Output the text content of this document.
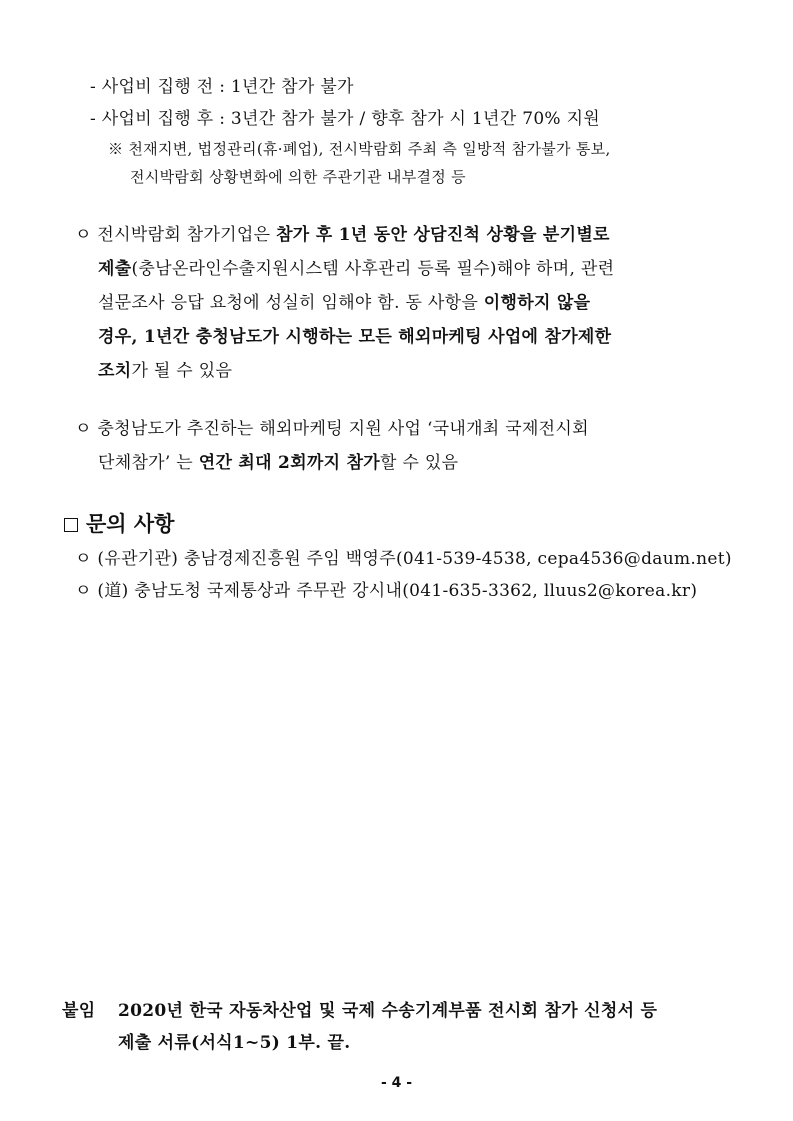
- 사업비 집행 전 : 1년간 참가 불가
- 사업비 집행 후 : 3년간 참가 불가 / 향후 참가 시 1년간 70% 지원
※ 천재지변, 법정관리(휴·폐업), 전시박람회 주최 측 일방적 참가불가 통보,
전시박람회 상황변화에 의한 주관기관 내부결정 등
ㅇ 전시박람회 참가기업은 참가 후 1년 동안 상담진척 상황을 분기별로
제출(충남온라인수출지원시스템 사후관리 등록 필수)해야 하며, 관련
설문조사 응답 요청에 성실히 임해야 함. 동 사항을 이행하지 않을
경우, 1년간 충청남도가 시행하는 모든 해외마케팅 사업에 참가제한
조치가 될 수 있음
ㅇ 충청남도가 추진하는 해외마케팅 지원 사업 ‘국내개최 국제전시회
단체참가’ 는 연간 최대 2회까지 참가할 수 있음
문의 사항
ㅇ (유관기관) 충남경제진흥원 주임 백영주(041-539-4538, cepa4536@daum.net)
ㅇ (道) 충남도청 국제통상과 주무관 강시내(041-635-3362, lluus2@korea.kr)
붙임 2020년 한국 자동차산업 및 국제 수송기계부품 전시회 참가 신청서 등
제출 서류(서식1~5) 1부. 끝.
- 4 -
